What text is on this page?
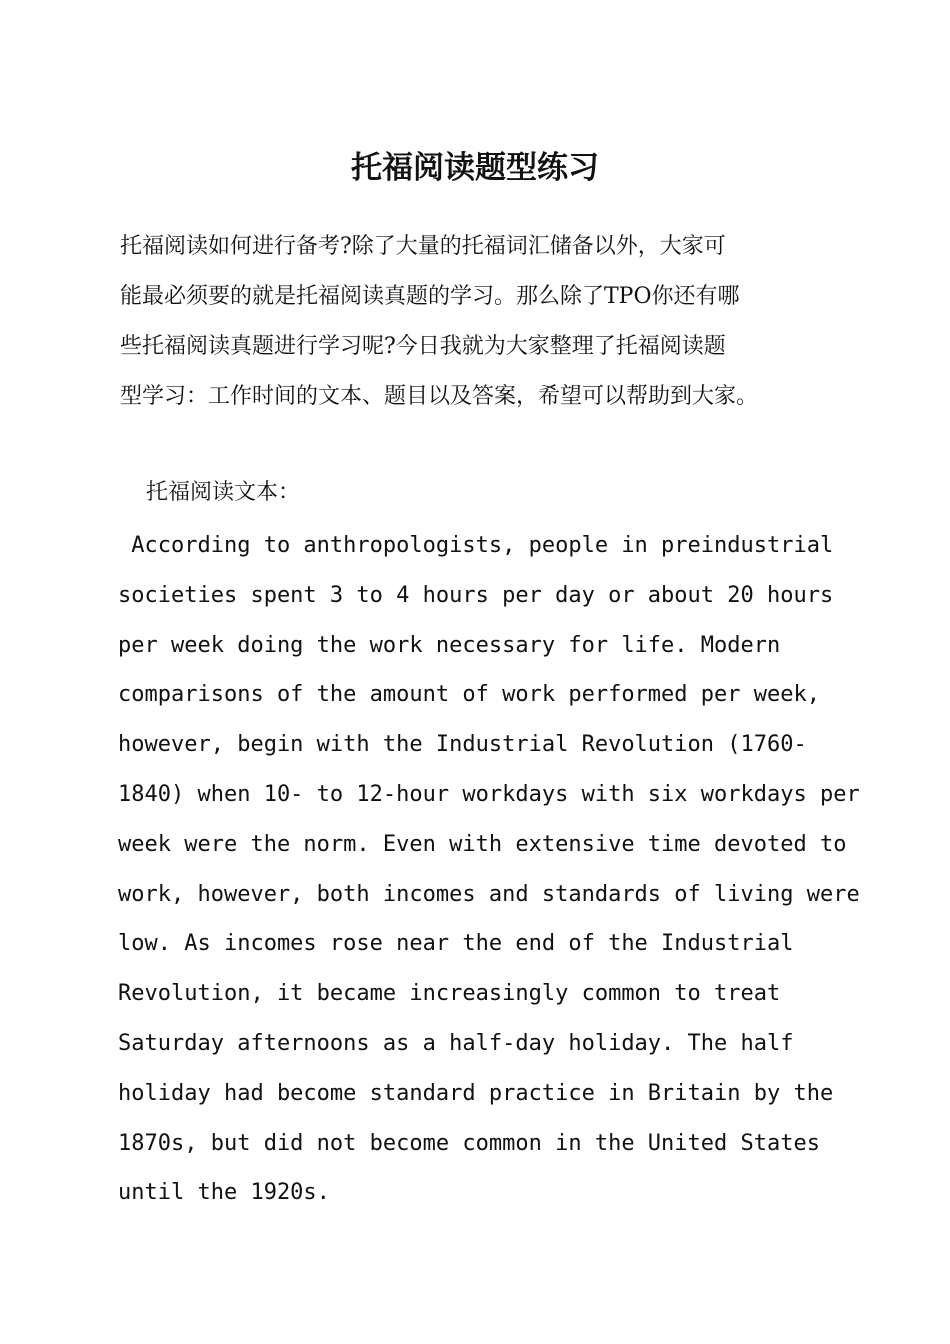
托福阅读题型练习

托福阅读如何进行备考?除了大量的托福词汇储备以外，大家可
能最必须要的就是托福阅读真题的学习。那么除了TPO你还有哪
些托福阅读真题进行学习呢?今日我就为大家整理了托福阅读题
型学习：工作时间的文本、题目以及答案，希望可以帮助到大家。

托福阅读文本：

According to anthropologists, people in preindustrial
societies spent 3 to 4 hours per day or about 20 hours
per week doing the work necessary for life. Modern
comparisons of the amount of work performed per week,
however, begin with the Industrial Revolution (1760-
1840) when 10- to 12-hour workdays with six workdays per
week were the norm. Even with extensive time devoted to
work, however, both incomes and standards of living were
low. As incomes rose near the end of the Industrial
Revolution, it became increasingly common to treat
Saturday afternoons as a half-day holiday. The half
holiday had become standard practice in Britain by the
1870s, but did not become common in the United States
until the 1920s.
